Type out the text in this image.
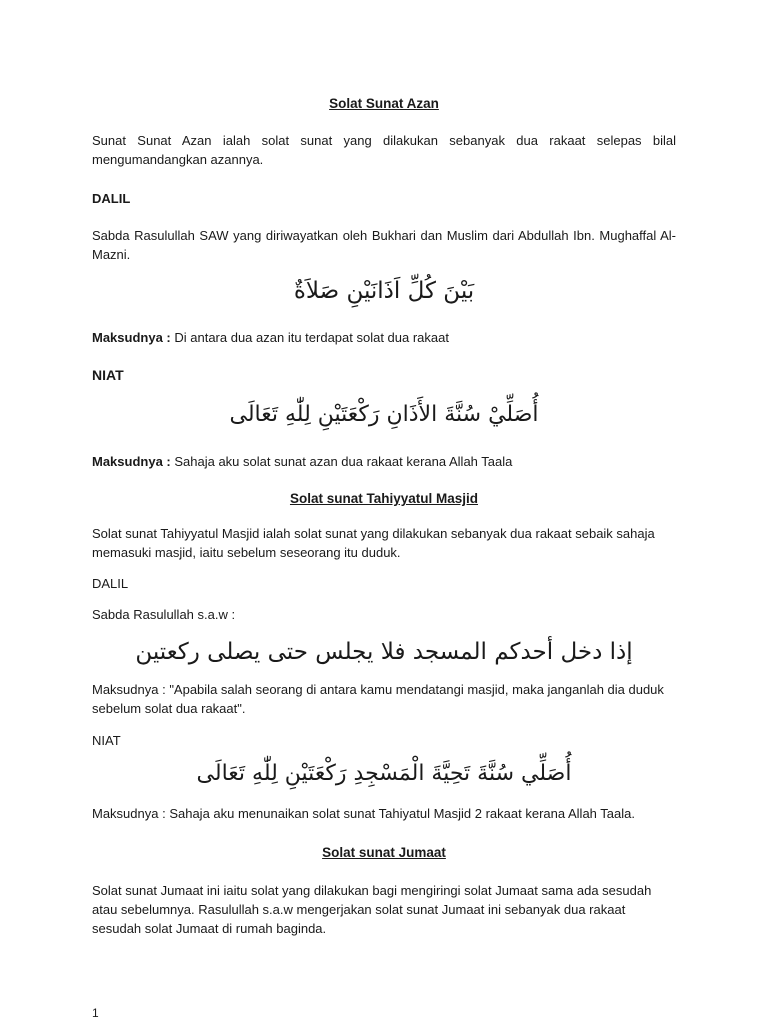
Solat Sunat Azan

Sunat Sunat Azan ialah solat sunat yang dilakukan sebanyak dua rakaat selepas bilal mengumandangkan azannya.

DALIL

Sabda Rasulullah SAW yang diriwayatkan oleh Bukhari dan Muslim dari Abdullah Ibn. Mughaffal Al-Mazni.

بَيْنَ كُلِّ اَذَانَيْنِ صَلاَةٌ

Maksudnya : Di antara dua azan itu terdapat solat dua rakaat

NIAT

أُصَلِّيْ سُنَّةَ الأَذَانِ رَكْعَتَيْنِ لِلّٰهِ تَعَالَى

Maksudnya : Sahaja aku solat sunat azan dua rakaat kerana Allah Taala

Solat sunat Tahiyyatul Masjid

Solat sunat Tahiyyatul Masjid ialah solat sunat yang dilakukan sebanyak dua rakaat sebaik sahaja memasuki masjid, iaitu sebelum seseorang itu duduk.

DALIL

Sabda Rasulullah s.a.w :

إذا دخل أحدكم المسجد فلا يجلس حتى يصلى ركعتين

Maksudnya : "Apabila salah seorang di antara kamu mendatangi masjid, maka janganlah dia duduk sebelum solat dua rakaat".

NIAT

أُصَلِّي سُنَّةَ تَحِيَّةَ الْمَسْجِدِ رَكْعَتَيْنِ لِلّٰهِ تَعَالَى

Maksudnya : Sahaja aku menunaikan solat sunat Tahiyatul Masjid 2 rakaat kerana Allah Taala.

Solat sunat Jumaat

Solat sunat Jumaat ini iaitu solat yang dilakukan bagi mengiringi solat Jumaat sama ada sesudah atau sebelumnya. Rasulullah s.a.w mengerjakan solat sunat Jumaat ini sebanyak dua rakaat sesudah solat Jumaat di rumah baginda.

1
